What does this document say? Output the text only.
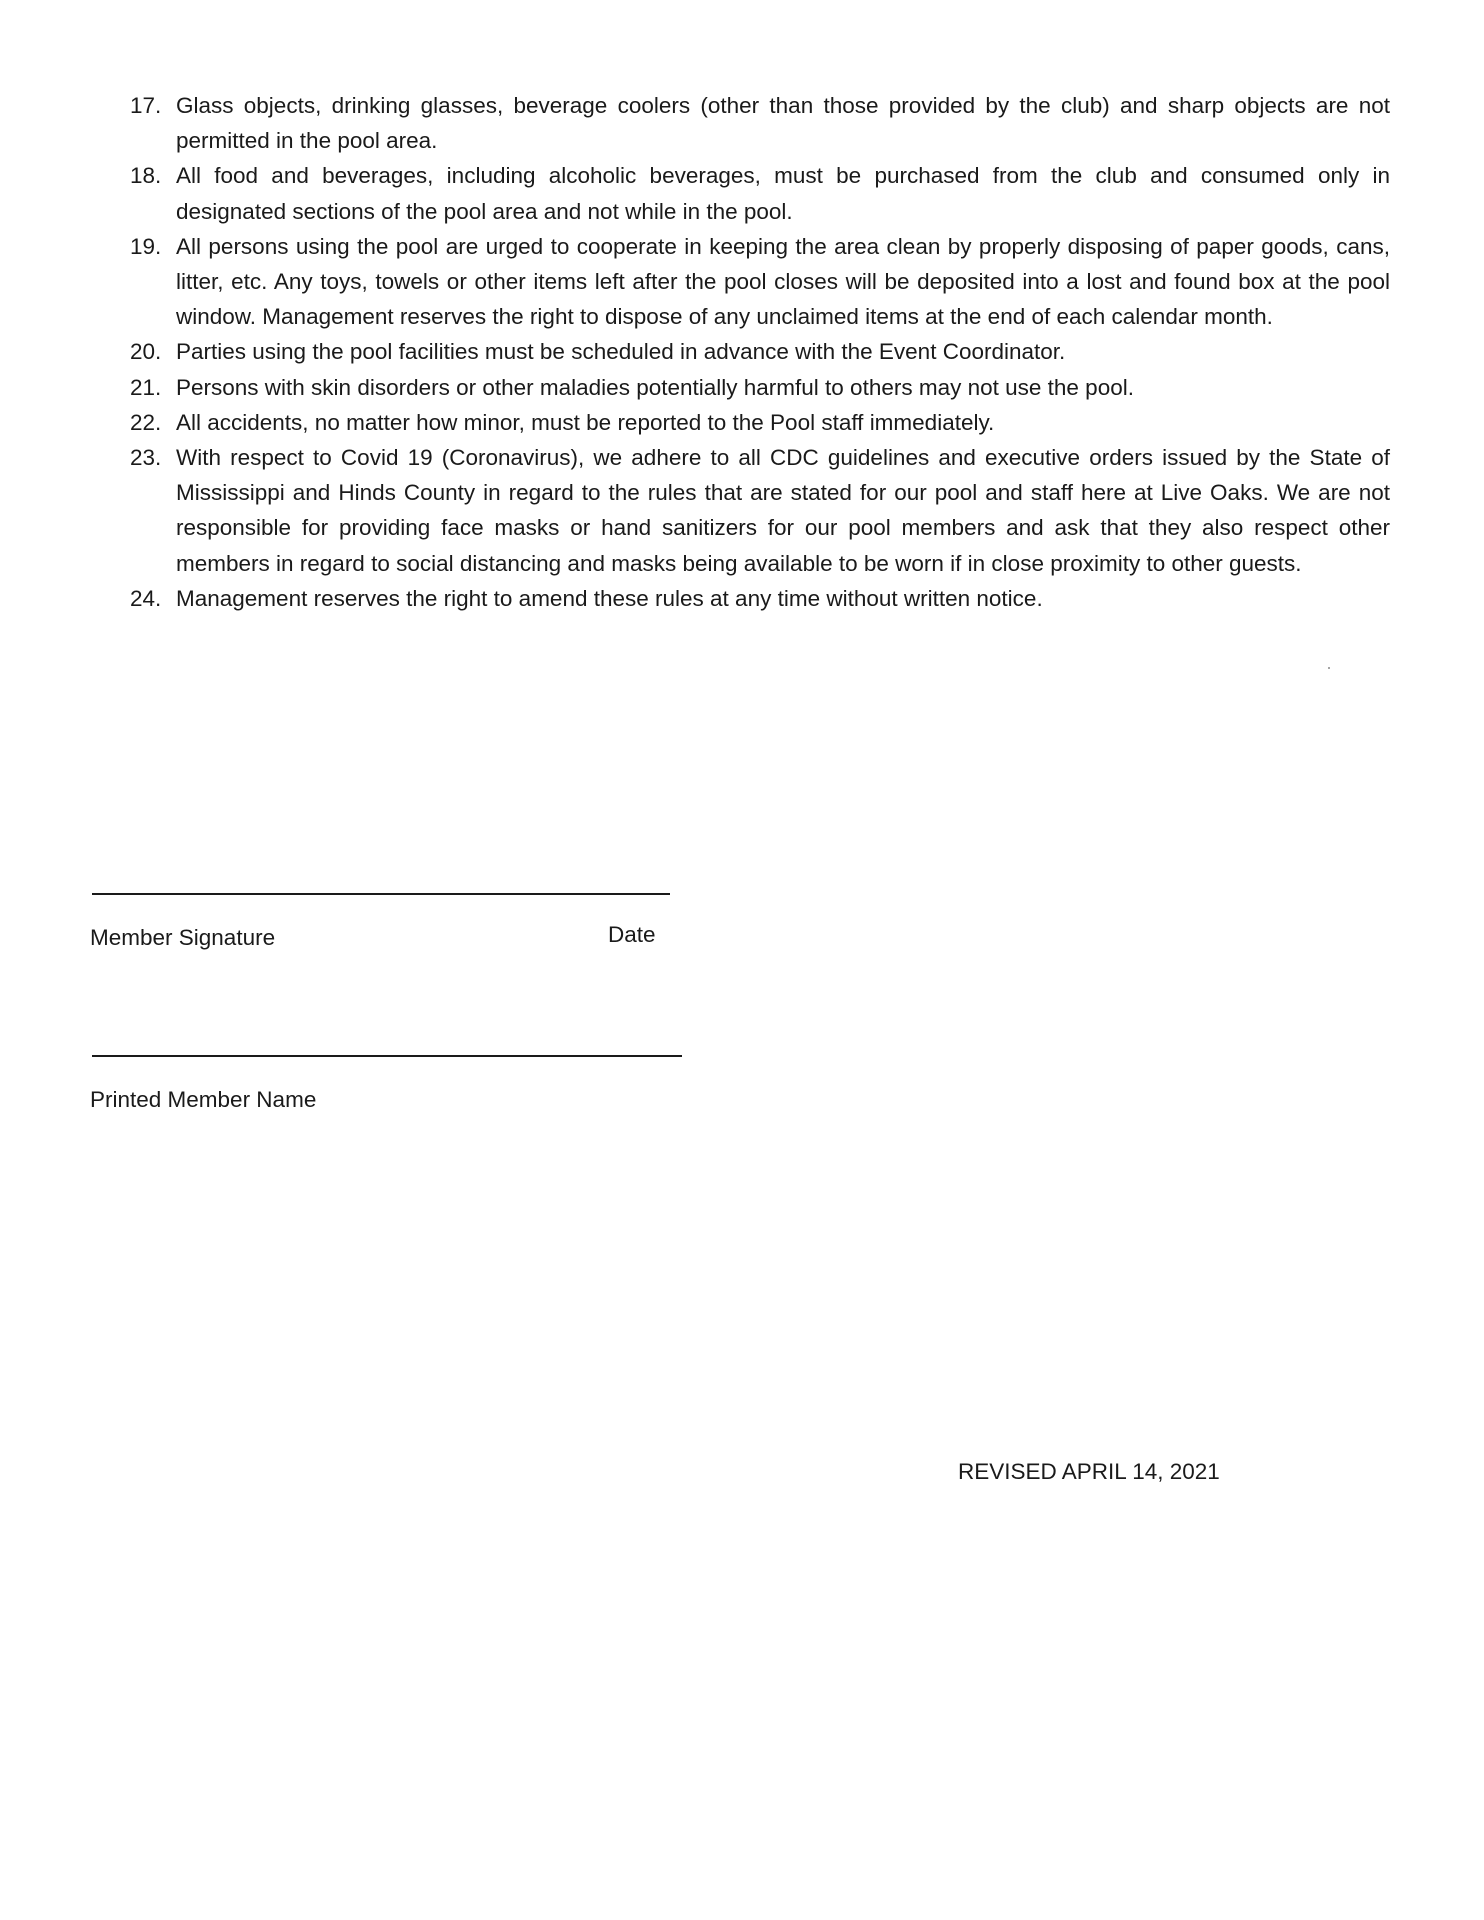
17. Glass objects, drinking glasses, beverage coolers (other than those provided by the club) and sharp objects are not permitted in the pool area.
18. All food and beverages, including alcoholic beverages, must be purchased from the club and consumed only in designated sections of the pool area and not while in the pool.
19. All persons using the pool are urged to cooperate in keeping the area clean by properly disposing of paper goods, cans, litter, etc. Any toys, towels or other items left after the pool closes will be deposited into a lost and found box at the pool window. Management reserves the right to dispose of any unclaimed items at the end of each calendar month.
20. Parties using the pool facilities must be scheduled in advance with the Event Coordinator.
21. Persons with skin disorders or other maladies potentially harmful to others may not use the pool.
22. All accidents, no matter how minor, must be reported to the Pool staff immediately.
23. With respect to Covid 19 (Coronavirus), we adhere to all CDC guidelines and executive orders issued by the State of Mississippi and Hinds County in regard to the rules that are stated for our pool and staff here at Live Oaks. We are not responsible for providing face masks or hand sanitizers for our pool members and ask that they also respect other members in regard to social distancing and masks being available to be worn if in close proximity to other guests.
24. Management reserves the right to amend these rules at any time without written notice.
Member Signature	Date
Printed Member Name
REVISED APRIL 14, 2021
